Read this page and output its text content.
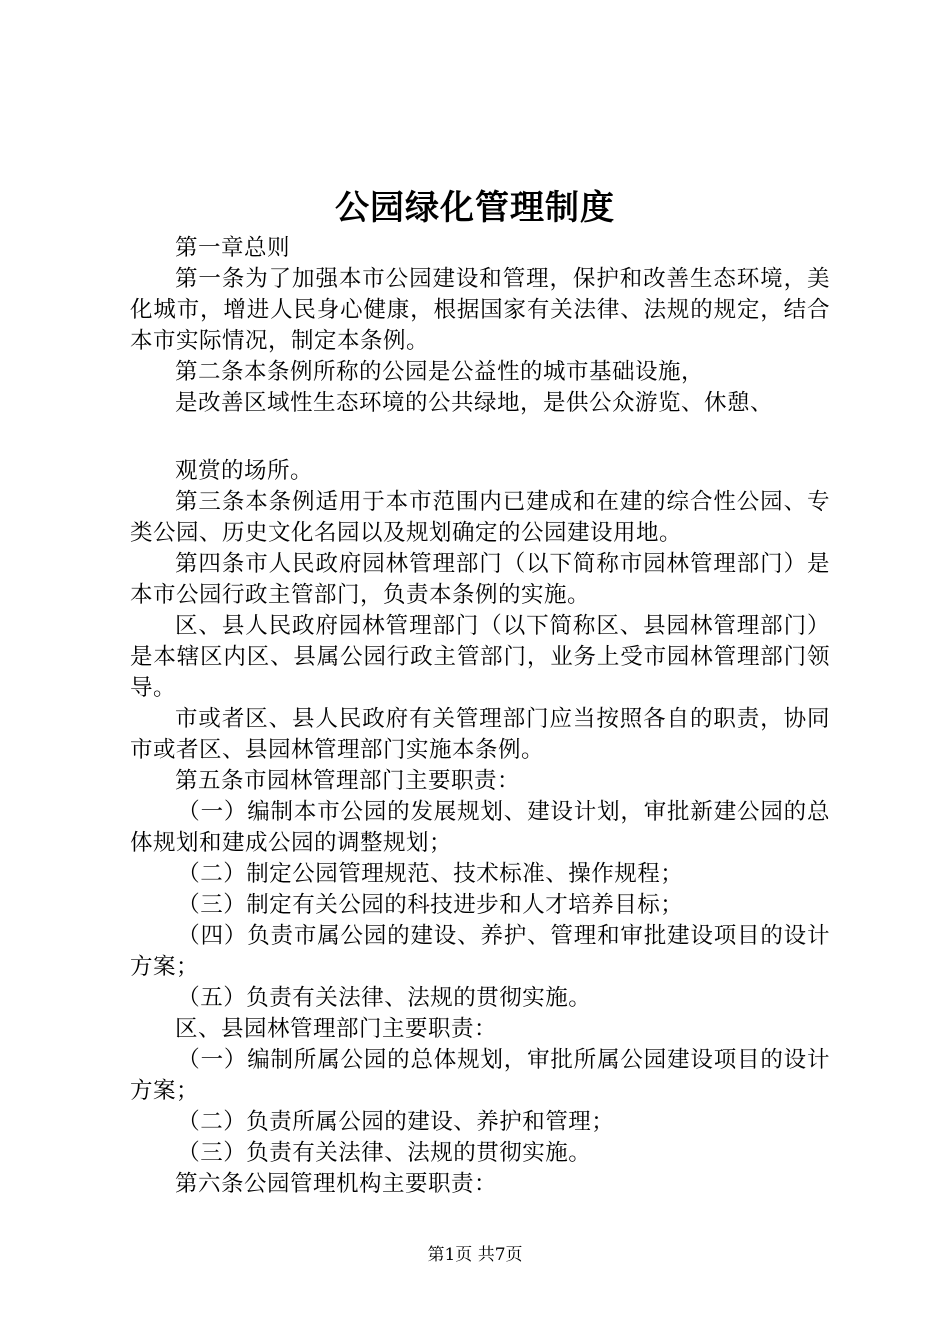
公园绿化管理制度

第一章总则

第一条为了加强本市公园建设和管理，保护和改善生态环境，美化城市，增进人民身心健康，根据国家有关法律、法规的规定，结合本市实际情况，制定本条例。

第二条本条例所称的公园是公益性的城市基础设施，

是改善区域性生态环境的公共绿地，是供公众游览、休憩、

观赏的场所。

第三条本条例适用于本市范围内已建成和在建的综合性公园、专类公园、历史文化名园以及规划确定的公园建设用地。

第四条市人民政府园林管理部门（以下简称市园林管理部门）是本市公园行政主管部门，负责本条例的实施。

区、县人民政府园林管理部门（以下简称区、县园林管理部门）是本辖区内区、县属公园行政主管部门，业务上受市园林管理部门领导。

市或者区、县人民政府有关管理部门应当按照各自的职责，协同市或者区、县园林管理部门实施本条例。

第五条市园林管理部门主要职责：

（一）编制本市公园的发展规划、建设计划，审批新建公园的总体规划和建成公园的调整规划；

（二）制定公园管理规范、技术标准、操作规程；

（三）制定有关公园的科技进步和人才培养目标；

（四）负责市属公园的建设、养护、管理和审批建设项目的设计方案；

（五）负责有关法律、法规的贯彻实施。

区、县园林管理部门主要职责：

（一）编制所属公园的总体规划，审批所属公园建设项目的设计方案；

（二）负责所属公园的建设、养护和管理；

（三）负责有关法律、法规的贯彻实施。

第六条公园管理机构主要职责：

第1页 共7页
